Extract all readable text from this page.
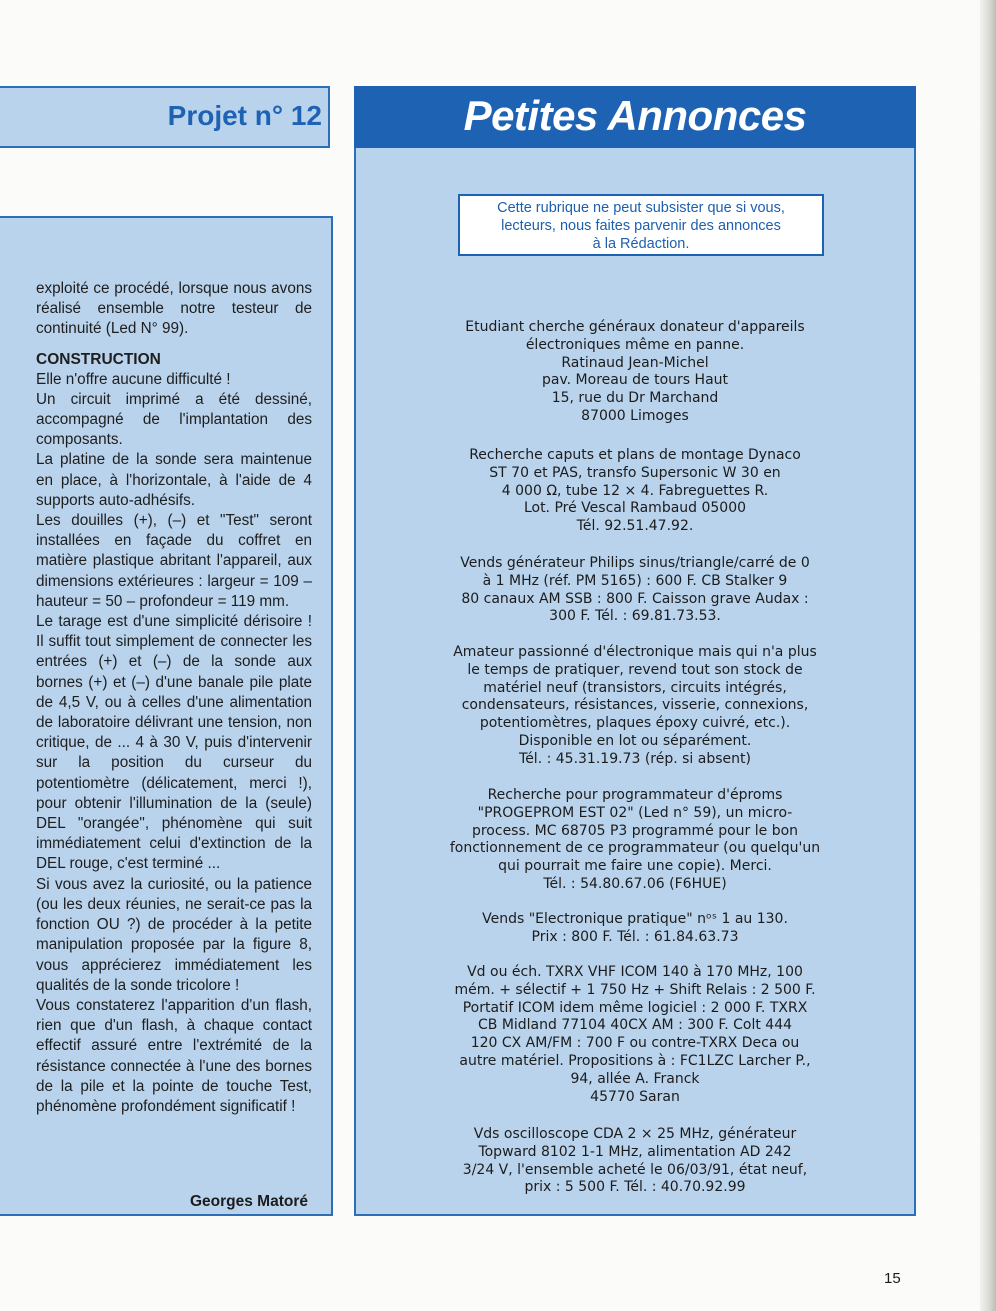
Projet n° 12

exploité ce procédé, lorsque nous avons réalisé ensemble notre testeur de continuité (Led N° 99).

CONSTRUCTION

Elle n'offre aucune difficulté !

Un circuit imprimé a été dessiné, accompagné de l'implantation des composants.

La platine de la sonde sera maintenue en place, à l'horizontale, à l'aide de 4 supports auto-adhésifs.

Les douilles (+), (–) et "Test" seront installées en façade du coffret en matière plastique abritant l'appareil, aux dimensions extérieures : largeur = 109 – hauteur = 50 – profondeur = 119 mm.

Le tarage est d'une simplicité dérisoire ! Il suffit tout simplement de connecter les entrées (+) et (–) de la sonde aux bornes (+) et (–) d'une banale pile plate de 4,5 V, ou à celles d'une alimentation de laboratoire délivrant une tension, non critique, de ... 4 à 30 V, puis d'intervenir sur la position du curseur du potentiomètre (délicatement, merci !), pour obtenir l'illumination de la (seule) DEL "orangée", phénomène qui suit immédiatement celui d'extinction de la DEL rouge, c'est terminé ...

Si vous avez la curiosité, ou la patience (ou les deux réunies, ne serait-ce pas la fonction OU ?) de procéder à la petite manipulation proposée par la figure 8, vous apprécierez immédiatement les qualités de la sonde tricolore !

Vous constaterez l'apparition d'un flash, rien que d'un flash, à chaque contact effectif assuré entre l'extrémité de la résistance connectée à l'une des bornes de la pile et la pointe de touche Test, phénomène profondément significatif !

Georges Matoré
Petites Annonces
Cette rubrique ne peut subsister que si vous,
lecteurs, nous faites parvenir des annonces
à la Rédaction.
Etudiant cherche généraux donateur d'appareils
électroniques même en panne.
Ratinaud Jean-Michel
pav. Moreau de tours Haut
15, rue du Dr Marchand
87000 Limoges
Recherche caputs et plans de montage Dynaco
ST 70 et PAS, transfo Supersonic W 30 en
4 000 Ω, tube 12 × 4. Fabreguettes R.
Lot. Pré Vescal Rambaud 05000
Tél. 92.51.47.92.
Vends générateur Philips sinus/triangle/carré de 0
à 1 MHz (réf. PM 5165) : 600 F. CB Stalker 9
80 canaux AM SSB : 800 F. Caisson grave Audax :
300 F. Tél. : 69.81.73.53.
Amateur passionné d'électronique mais qui n'a plus
le temps de pratiquer, revend tout son stock de
matériel neuf (transistors, circuits intégrés,
condensateurs, résistances, visserie, connexions,
potentiomètres, plaques époxy cuivré, etc.).
Disponible en lot ou séparément.
Tél. : 45.31.19.73 (rép. si absent)
Recherche pour programmateur d'éproms
"PROGEPROM EST 02" (Led n° 59), un micro-
process. MC 68705 P3 programmé pour le bon
fonctionnement de ce programmateur (ou quelqu'un
qui pourrait me faire une copie). Merci.
Tél. : 54.80.67.06 (F6HUE)
Vends "Electronique pratique" nᵒˢ 1 au 130.
Prix : 800 F. Tél. : 61.84.63.73
Vd ou éch. TXRX VHF ICOM 140 à 170 MHz, 100
mém. + sélectif + 1 750 Hz + Shift Relais : 2 500 F.
Portatif ICOM idem même logiciel : 2 000 F. TXRX
CB Midland 77104 40CX AM : 300 F. Colt 444
120 CX AM/FM : 700 F ou contre-TXRX Deca ou
autre matériel. Propositions à : FC1LZC Larcher P.,
94, allée A. Franck
45770 Saran
Vds oscilloscope CDA 2 × 25 MHz, générateur
Topward 8102 1-1 MHz, alimentation AD 242
3/24 V, l'ensemble acheté le 06/03/91, état neuf,
prix : 5 500 F. Tél. : 40.70.92.99
15
